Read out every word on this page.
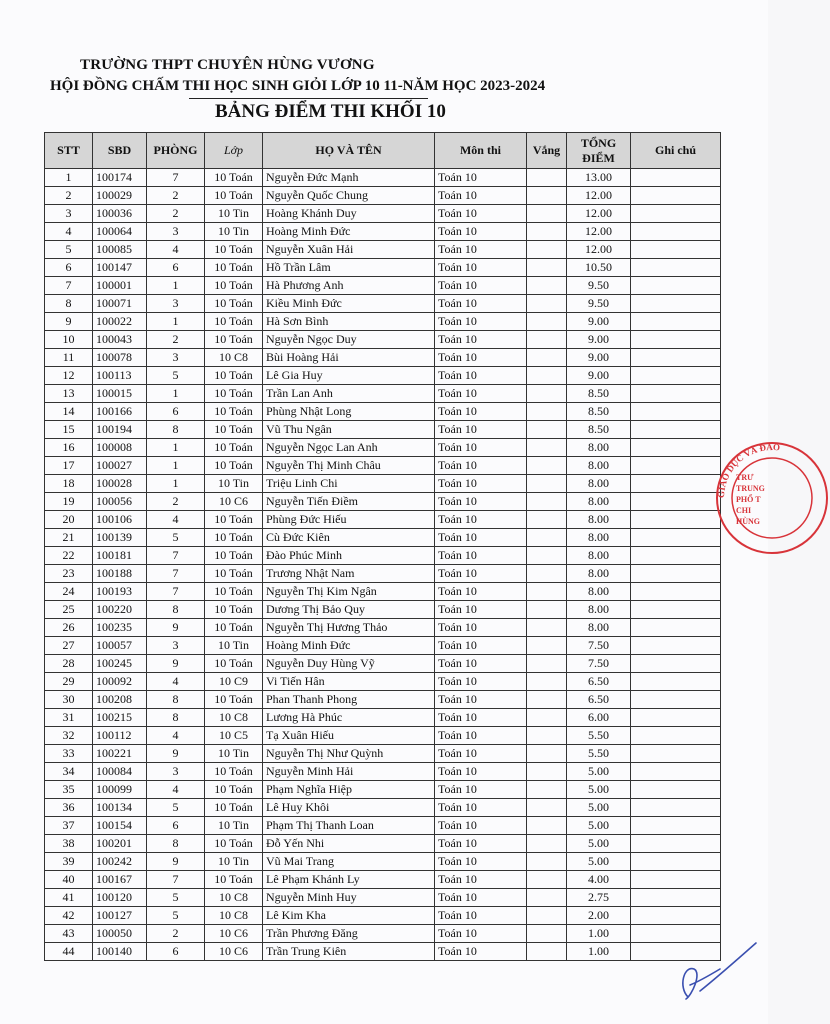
TRƯỜNG THPT CHUYÊN HÙNG VƯƠNG
HỘI ĐỒNG CHẤM THI HỌC SINH GIỎI LỚP 10 11-NĂM HỌC 2023-2024
BẢNG ĐIỂM THI KHỐI 10
STT	SBD	PHÒNG	Lớp	HỌ VÀ TÊN	Môn thi	Vắng	TỔNG ĐIỂM	Ghi chú
1	100174	7	10 Toán	Nguyễn Đức Mạnh	Toán 10		13.00	
2	100029	2	10 Toán	Nguyễn Quốc Chung	Toán 10		12.00	
3	100036	2	10 Tin	Hoàng Khánh Duy	Toán 10		12.00	
4	100064	3	10 Tin	Hoàng Minh Đức	Toán 10		12.00	
5	100085	4	10 Toán	Nguyễn Xuân Hải	Toán 10		12.00	
6	100147	6	10 Toán	Hồ Trần Lâm	Toán 10		10.50	
7	100001	1	10 Toán	Hà Phương Anh	Toán 10		9.50	
8	100071	3	10 Toán	Kiều Minh Đức	Toán 10		9.50	
9	100022	1	10 Toán	Hà Sơn Bình	Toán 10		9.00	
10	100043	2	10 Toán	Nguyễn Ngọc Duy	Toán 10		9.00	
11	100078	3	10 C8	Bùi Hoàng Hải	Toán 10		9.00	
12	100113	5	10 Toán	Lê Gia Huy	Toán 10		9.00	
13	100015	1	10 Toán	Trần Lan Anh	Toán 10		8.50	
14	100166	6	10 Toán	Phùng Nhật Long	Toán 10		8.50	
15	100194	8	10 Toán	Vũ Thu Ngân	Toán 10		8.50	
16	100008	1	10 Toán	Nguyễn Ngọc Lan Anh	Toán 10		8.00	
17	100027	1	10 Toán	Nguyễn Thị Minh Châu	Toán 10		8.00	
18	100028	1	10 Tin	Triệu Linh Chi	Toán 10		8.00	
19	100056	2	10 C6	Nguyễn Tiến Điềm	Toán 10		8.00	
20	100106	4	10 Toán	Phùng Đức Hiếu	Toán 10		8.00	
21	100139	5	10 Toán	Cù Đức Kiên	Toán 10		8.00	
22	100181	7	10 Toán	Đào Phúc Minh	Toán 10		8.00	
23	100188	7	10 Toán	Trương Nhật Nam	Toán 10		8.00	
24	100193	7	10 Toán	Nguyễn Thị Kim Ngân	Toán 10		8.00	
25	100220	8	10 Toán	Dương Thị Bảo Quy	Toán 10		8.00	
26	100235	9	10 Toán	Nguyễn Thị Hương Thảo	Toán 10		8.00	
27	100057	3	10 Tin	Hoàng Minh Đức	Toán 10		7.50	
28	100245	9	10 Toán	Nguyễn Duy Hùng Vỹ	Toán 10		7.50	
29	100092	4	10 C9	Vi Tiến Hân	Toán 10		6.50	
30	100208	8	10 Toán	Phan Thanh Phong	Toán 10		6.50	
31	100215	8	10 C8	Lương Hà Phúc	Toán 10		6.00	
32	100112	4	10 C5	Tạ Xuân Hiếu	Toán 10		5.50	
33	100221	9	10 Tin	Nguyễn Thị Như Quỳnh	Toán 10		5.50	
34	100084	3	10 Toán	Nguyễn Minh Hải	Toán 10		5.00	
35	100099	4	10 Toán	Phạm Nghĩa Hiệp	Toán 10		5.00	
36	100134	5	10 Toán	Lê Huy Khôi	Toán 10		5.00	
37	100154	6	10 Tin	Phạm Thị Thanh Loan	Toán 10		5.00	
38	100201	8	10 Toán	Đỗ Yến Nhi	Toán 10		5.00	
39	100242	9	10 Tin	Vũ Mai Trang	Toán 10		5.00	
40	100167	7	10 Toán	Lê Phạm Khánh Ly	Toán 10		4.00	
41	100120	5	10 C8	Nguyễn Minh Huy	Toán 10		2.75	
42	100127	5	10 C8	Lê Kim Kha	Toán 10		2.00	
43	100050	2	10 C6	Trần Phương Đăng	Toán 10		1.00	
44	100140	6	10 C6	Trần Trung Kiên	Toán 10		1.00	
GIÁO DỤC VÀ ĐÀO
TRƯ
TRUNG
PHỔ T
CHI
HÙNG
